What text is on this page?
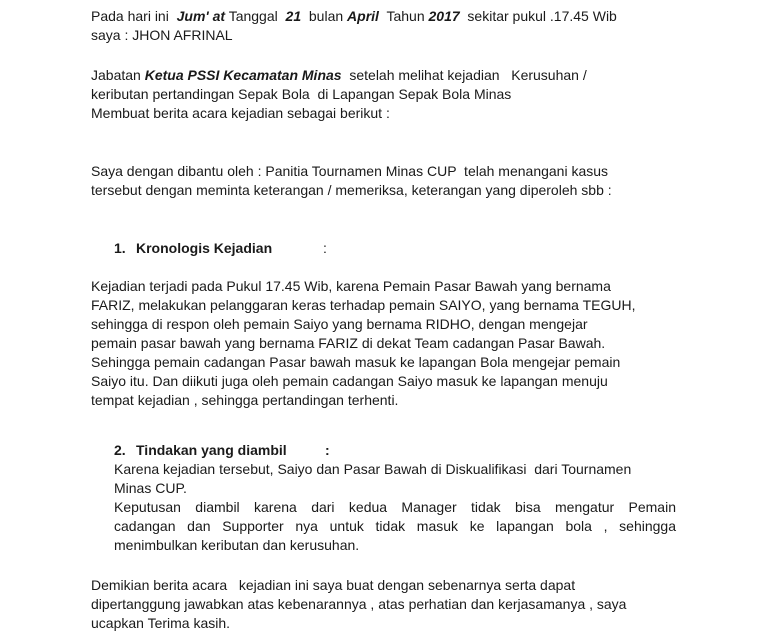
Pada hari ini  Jum' at Tanggal  21  bulan April  Tahun 2017  sekitar pukul .17.45 Wib
saya : JHON AFRINAL
Jabatan Ketua PSSI Kecamatan Minas  setelah melihat kejadian   Kerusuhan /
keributan pertandingan Sepak Bola  di Lapangan Sepak Bola Minas
Membuat berita acara kejadian sebagai berikut :
Saya dengan dibantu oleh : Panitia Tournamen Minas CUP  telah menangani kasus
tersebut dengan meminta keterangan / memeriksa, keterangan yang diperoleh sbb :
1. Kronologis Kejadian	:
Kejadian terjadi pada Pukul 17.45 Wib, karena Pemain Pasar Bawah yang bernama
FARIZ, melakukan pelanggaran keras terhadap pemain SAIYO, yang bernama TEGUH,
sehingga di respon oleh pemain Saiyo yang bernama RIDHO, dengan mengejar
pemain pasar bawah yang bernama FARIZ di dekat Team cadangan Pasar Bawah.
Sehingga pemain cadangan Pasar bawah masuk ke lapangan Bola mengejar pemain
Saiyo itu. Dan diikuti juga oleh pemain cadangan Saiyo masuk ke lapangan menuju
tempat kejadian , sehingga pertandingan terhenti.
2. Tindakan yang diambil	:
Karena kejadian tersebut, Saiyo dan Pasar Bawah di Diskualifikasi  dari Tournamen
Minas CUP.
Keputusan diambil karena dari kedua Manager tidak bisa mengatur Pemain
cadangan dan Supporter nya untuk tidak masuk ke lapangan bola , sehingga
menimbulkan keributan dan kerusuhan.
Demikian berita acara   kejadian ini saya buat dengan sebenarnya serta dapat
dipertanggung jawabkan atas kebenarannya , atas perhatian dan kerjasamanya , saya
ucapkan Terima kasih.
